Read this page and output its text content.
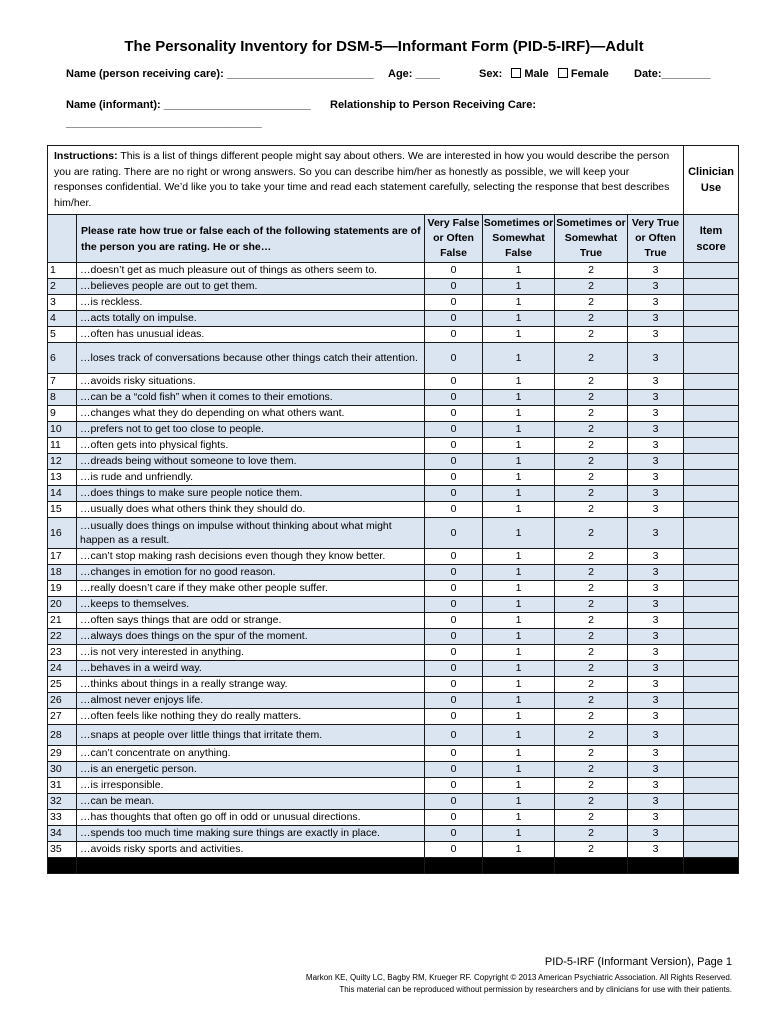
The Personality Inventory for DSM-5—Informant Form (PID-5-IRF)—Adult
Name (person receiving care): ________________________ Age: ____	Sex: Male Female Date:________
Name (informant): ________________________ Relationship to Person Receiving Care:
________________________________
Instructions: This is a list of things different people might say about others. We are interested in how you would describe the person you are rating. There are no right or wrong answers. So you can describe him/her as honestly as possible, we will keep your responses confidential. We’d like you to take your time and read each statement carefully, selecting the response that best describes him/her.						Clinician Use
	Please rate how true or false each of the following statements are of the person you are rating. He or she…	Very False or Often False	Sometimes or Somewhat False	Sometimes or Somewhat True	Very True or Often True	Item score
1	…doesn’t get as much pleasure out of things as others seem to.	0	1	2	3	
2	…believes people are out to get them.	0	1	2	3	
3	…is reckless.	0	1	2	3	
4	…acts totally on impulse.	0	1	2	3	
5	…often has unusual ideas.	0	1	2	3	
6	…loses track of conversations because other things catch their attention.	0	1	2	3	
7	…avoids risky situations.	0	1	2	3	
8	…can be a “cold fish” when it comes to their emotions.	0	1	2	3	
9	…changes what they do depending on what others want.	0	1	2	3	
10	…prefers not to get too close to people.	0	1	2	3	
11	…often gets into physical fights.	0	1	2	3	
12	…dreads being without someone to love them.	0	1	2	3	
13	…is rude and unfriendly.	0	1	2	3	
14	…does things to make sure people notice them.	0	1	2	3	
15	…usually does what others think they should do.	0	1	2	3	
16	…usually does things on impulse without thinking about what might happen as a result.	0	1	2	3	
17	…can’t stop making rash decisions even though they know better.	0	1	2	3	
18	…changes in emotion for no good reason.	0	1	2	3	
19	…really doesn’t care if they make other people suffer.	0	1	2	3	
20	…keeps to themselves.	0	1	2	3	
21	…often says things that are odd or strange.	0	1	2	3	
22	…always does things on the spur of the moment.	0	1	2	3	
23	…is not very interested in anything.	0	1	2	3	
24	…behaves in a weird way.	0	1	2	3	
25	…thinks about things in a really strange way.	0	1	2	3	
26	…almost never enjoys life.	0	1	2	3	
27	…often feels like nothing they do really matters.	0	1	2	3	
28	…snaps at people over little things that irritate them.	0	1	2	3	
29	…can’t concentrate on anything.	0	1	2	3	
30	…is an energetic person.	0	1	2	3	
31	…is irresponsible.	0	1	2	3	
32	…can be mean.	0	1	2	3	
33	…has thoughts that often go off in odd or unusual directions.	0	1	2	3	
34	…spends too much time making sure things are exactly in place.	0	1	2	3	
35	…avoids risky sports and activities.	0	1	2	3	

PID-5-IRF (Informant Version), Page 1
Markon KE, Quilty LC, Bagby RM, Krueger RF. Copyright © 2013 American Psychiatric Association. All Rights Reserved.
This material can be reproduced without permission by researchers and by clinicians for use with their patients.
